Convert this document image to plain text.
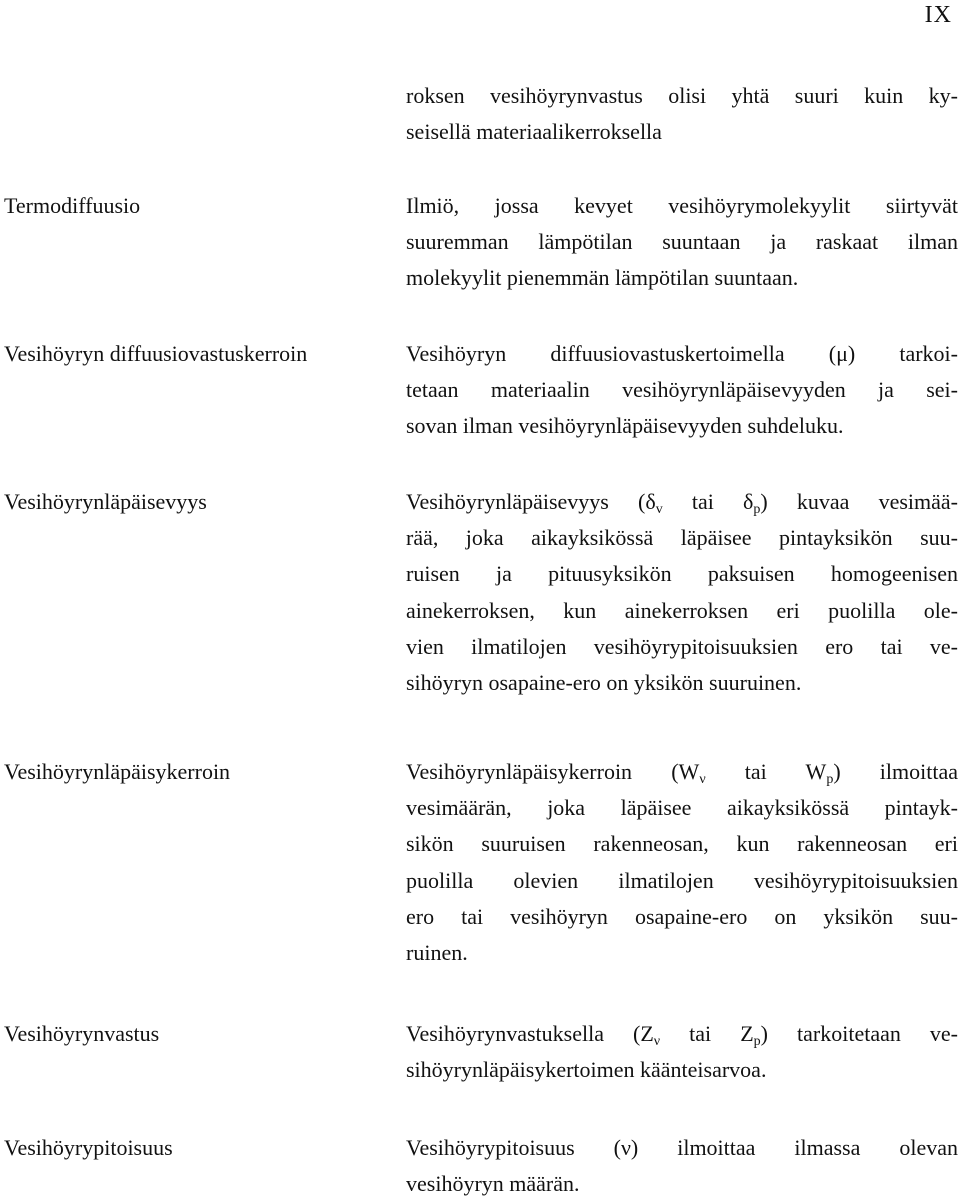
IX
roksen vesihöyrynvastus olisi yhtä suuri kuin ky-
seisellä materiaalikerroksella
Termodiffuusio	Ilmiö, jossa kevyet vesihöyrymolekyylit siirtyvät
suuremman lämpötilan suuntaan ja raskaat ilman
molekyylit pienemmän lämpötilan suuntaan.
Vesihöyryn diffuusiovastuskerroin	Vesihöyryn diffuusiovastuskertoimella (μ) tarkoi-
tetaan materiaalin vesihöyrynläpäisevyyden ja sei-
sovan ilman vesihöyrynläpäisevyyden suhdeluku.
Vesihöyrynläpäisevyys	Vesihöyrynläpäisevyys ($\delta_v$ tai $\delta_p$) kuvaa vesimää-
rää, joka aikayksikössä läpäisee pintayksikön suu-
ruisen ja pituusyksikön paksuisen homogeenisen
ainekerroksen, kun ainekerroksen eri puolilla ole-
vien ilmatilojen vesihöyrypitoisuuksien ero tai ve-
sihöyryn osapaine-ero on yksikön suuruinen.
Vesihöyrynläpäisykerroin	Vesihöyrynläpäisykerroin ($W_\nu$ tai $W_p$) ilmoittaa
vesimäärän, joka läpäisee aikayksikössä pintayk-
sikön suuruisen rakenneosan, kun rakenneosan eri
puolilla olevien ilmatilojen vesihöyrypitoisuuksien
ero tai vesihöyryn osapaine-ero on yksikön suu-
ruinen.
Vesihöyrynvastus	Vesihöyrynvastuksella ($Z_\nu$ tai $Z_p$) tarkoitetaan ve-
sihöyrynläpäisykertoimen käänteisarvoa.
Vesihöyrypitoisuus	Vesihöyrypitoisuus (ν) ilmoittaa ilmassa olevan
vesihöyryn määrän.
